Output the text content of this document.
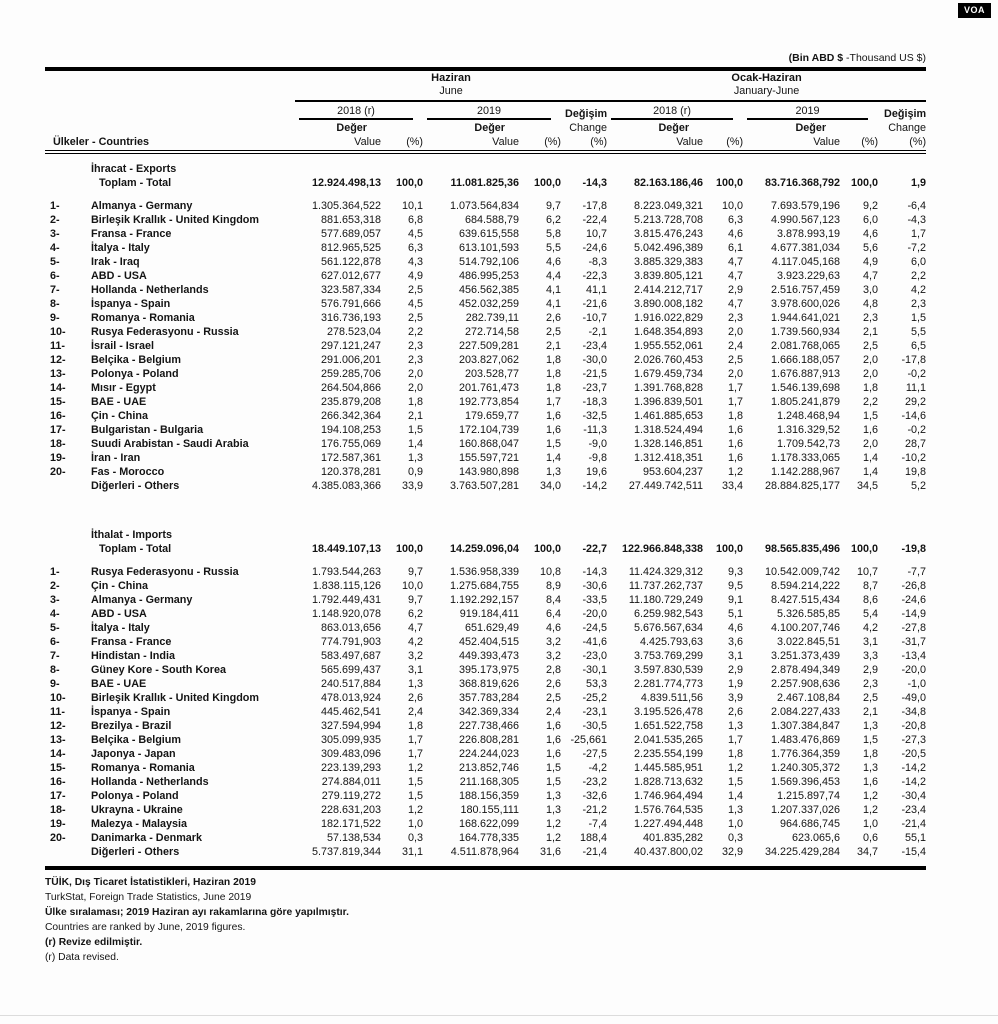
VOA
(Bin ABD $ -Thousand US $)

Haziran
June

Ocak-Haziran
January-June

		2018 (r)		2019		Değişim	2018 (r)		2019		Değişim
		Değer		Değer		Change	Değer		Değer		Change
Ülkeler - Countries		Value	(%)	Value	(%)	(%)	Value	(%)	Value	(%)	(%)

	İhracat - Exports										
	Toplam - Total	12.924.498,13	100,0	11.081.825,36	100,0	-14,3	82.163.186,46	100,0	83.716.368,792	100,0	1,9

1-	Almanya - Germany	1.305.364,522	10,1	1.073.564,834	9,7	-17,8	8.223.049,321	10,0	7.693.579,196	9,2	-6,4
2-	Birleşik Krallık - United Kingdom	881.653,318	6,8	684.588,79	6,2	-22,4	5.213.728,708	6,3	4.990.567,123	6,0	-4,3
3-	Fransa - France	577.689,057	4,5	639.615,558	5,8	10,7	3.815.476,243	4,6	3.878.993,19	4,6	1,7
4-	İtalya - Italy	812.965,525	6,3	613.101,593	5,5	-24,6	5.042.496,389	6,1	4.677.381,034	5,6	-7,2
5-	Irak - Iraq	561.122,878	4,3	514.792,106	4,6	-8,3	3.885.329,383	4,7	4.117.045,168	4,9	6,0
6-	ABD - USA	627.012,677	4,9	486.995,253	4,4	-22,3	3.839.805,121	4,7	3.923.229,63	4,7	2,2
7-	Hollanda - Netherlands	323.587,334	2,5	456.562,385	4,1	41,1	2.414.212,717	2,9	2.516.757,459	3,0	4,2
8-	İspanya - Spain	576.791,666	4,5	452.032,259	4,1	-21,6	3.890.008,182	4,7	3.978.600,026	4,8	2,3
9-	Romanya - Romania	316.736,193	2,5	282.739,11	2,6	-10,7	1.916.022,829	2,3	1.944.641,021	2,3	1,5
10-	Rusya Federasyonu - Russia	278.523,04	2,2	272.714,58	2,5	-2,1	1.648.354,893	2,0	1.739.560,934	2,1	5,5
11-	İsrail - Israel	297.121,247	2,3	227.509,281	2,1	-23,4	1.955.552,061	2,4	2.081.768,065	2,5	6,5
12-	Belçika - Belgium	291.006,201	2,3	203.827,062	1,8	-30,0	2.026.760,453	2,5	1.666.188,057	2,0	-17,8
13-	Polonya - Poland	259.285,706	2,0	203.528,77	1,8	-21,5	1.679.459,734	2,0	1.676.887,913	2,0	-0,2
14-	Mısır - Egypt	264.504,866	2,0	201.761,473	1,8	-23,7	1.391.768,828	1,7	1.546.139,698	1,8	11,1
15-	BAE - UAE	235.879,208	1,8	192.773,854	1,7	-18,3	1.396.839,501	1,7	1.805.241,879	2,2	29,2
16-	Çin - China	266.342,364	2,1	179.659,77	1,6	-32,5	1.461.885,653	1,8	1.248.468,94	1,5	-14,6
17-	Bulgaristan - Bulgaria	194.108,253	1,5	172.104,739	1,6	-11,3	1.318.524,494	1,6	1.316.329,52	1,6	-0,2
18-	Suudi Arabistan - Saudi Arabia	176.755,069	1,4	160.868,047	1,5	-9,0	1.328.146,851	1,6	1.709.542,73	2,0	28,7
19-	İran - Iran	172.587,361	1,3	155.597,721	1,4	-9,8	1.312.418,351	1,6	1.178.333,065	1,4	-10,2
20-	Fas - Morocco	120.378,281	0,9	143.980,898	1,3	19,6	953.604,237	1,2	1.142.288,967	1,4	19,8
	Diğerleri - Others	4.385.083,366	33,9	3.763.507,281	34,0	-14,2	27.449.742,511	33,4	28.884.825,177	34,5	5,2

	İthalat - Imports										
	Toplam - Total	18.449.107,13	100,0	14.259.096,04	100,0	-22,7	122.966.848,338	100,0	98.565.835,496	100,0	-19,8

1-	Rusya Federasyonu - Russia	1.793.544,263	9,7	1.536.958,339	10,8	-14,3	11.424.329,312	9,3	10.542.009,742	10,7	-7,7
2-	Çin - China	1.838.115,126	10,0	1.275.684,755	8,9	-30,6	11.737.262,737	9,5	8.594.214,222	8,7	-26,8
3-	Almanya - Germany	1.792.449,431	9,7	1.192.292,157	8,4	-33,5	11.180.729,249	9,1	8.427.515,434	8,6	-24,6
4-	ABD - USA	1.148.920,078	6,2	919.184,411	6,4	-20,0	6.259.982,543	5,1	5.326.585,85	5,4	-14,9
5-	İtalya - Italy	863.013,656	4,7	651.629,49	4,6	-24,5	5.676.567,634	4,6	4.100.207,746	4,2	-27,8
6-	Fransa - France	774.791,903	4,2	452.404,515	3,2	-41,6	4.425.793,63	3,6	3.022.845,51	3,1	-31,7
7-	Hindistan - India	583.497,687	3,2	449.393,473	3,2	-23,0	3.753.769,299	3,1	3.251.373,439	3,3	-13,4
8-	Güney Kore - South Korea	565.699,437	3,1	395.173,975	2,8	-30,1	3.597.830,539	2,9	2.878.494,349	2,9	-20,0
9-	BAE - UAE	240.517,884	1,3	368.819,626	2,6	53,3	2.281.774,773	1,9	2.257.908,636	2,3	-1,0
10-	Birleşik Krallık - United Kingdom	478.013,924	2,6	357.783,284	2,5	-25,2	4.839.511,56	3,9	2.467.108,84	2,5	-49,0
11-	İspanya - Spain	445.462,541	2,4	342.369,334	2,4	-23,1	3.195.526,478	2,6	2.084.227,433	2,1	-34,8
12-	Brezilya - Brazil	327.594,994	1,8	227.738,466	1,6	-30,5	1.651.522,758	1,3	1.307.384,847	1,3	-20,8
13-	Belçika - Belgium	305.099,935	1,7	226.808,281	1,6	-25,661	2.041.535,265	1,7	1.483.476,869	1,5	-27,3
14-	Japonya - Japan	309.483,096	1,7	224.244,023	1,6	-27,5	2.235.554,199	1,8	1.776.364,359	1,8	-20,5
15-	Romanya - Romania	223.139,293	1,2	213.852,746	1,5	-4,2	1.445.585,951	1,2	1.240.305,372	1,3	-14,2
16-	Hollanda - Netherlands	274.884,011	1,5	211.168,305	1,5	-23,2	1.828.713,632	1,5	1.569.396,453	1,6	-14,2
17-	Polonya - Poland	279.119,272	1,5	188.156,359	1,3	-32,6	1.746.964,494	1,4	1.215.897,74	1,2	-30,4
18-	Ukrayna - Ukraine	228.631,203	1,2	180.155,111	1,3	-21,2	1.576.764,535	1,3	1.207.337,026	1,2	-23,4
19-	Malezya - Malaysia	182.171,522	1,0	168.622,099	1,2	-7,4	1.227.494,448	1,0	964.686,745	1,0	-21,4
20-	Danimarka - Denmark	57.138,534	0,3	164.778,335	1,2	188,4	401.835,282	0,3	623.065,6	0,6	55,1
	Diğerleri - Others	5.737.819,344	31,1	4.511.878,964	31,6	-21,4	40.437.800,02	32,9	34.225.429,284	34,7	-15,4
TÜİK, Dış Ticaret İstatistikleri, Haziran 2019
TurkStat, Foreign Trade Statistics, June 2019
Ülke sıralaması; 2019 Haziran ayı rakamlarına göre yapılmıştır.
Countries are ranked by June, 2019 figures.
(r) Revize edilmiştir.
(r) Data revised.
